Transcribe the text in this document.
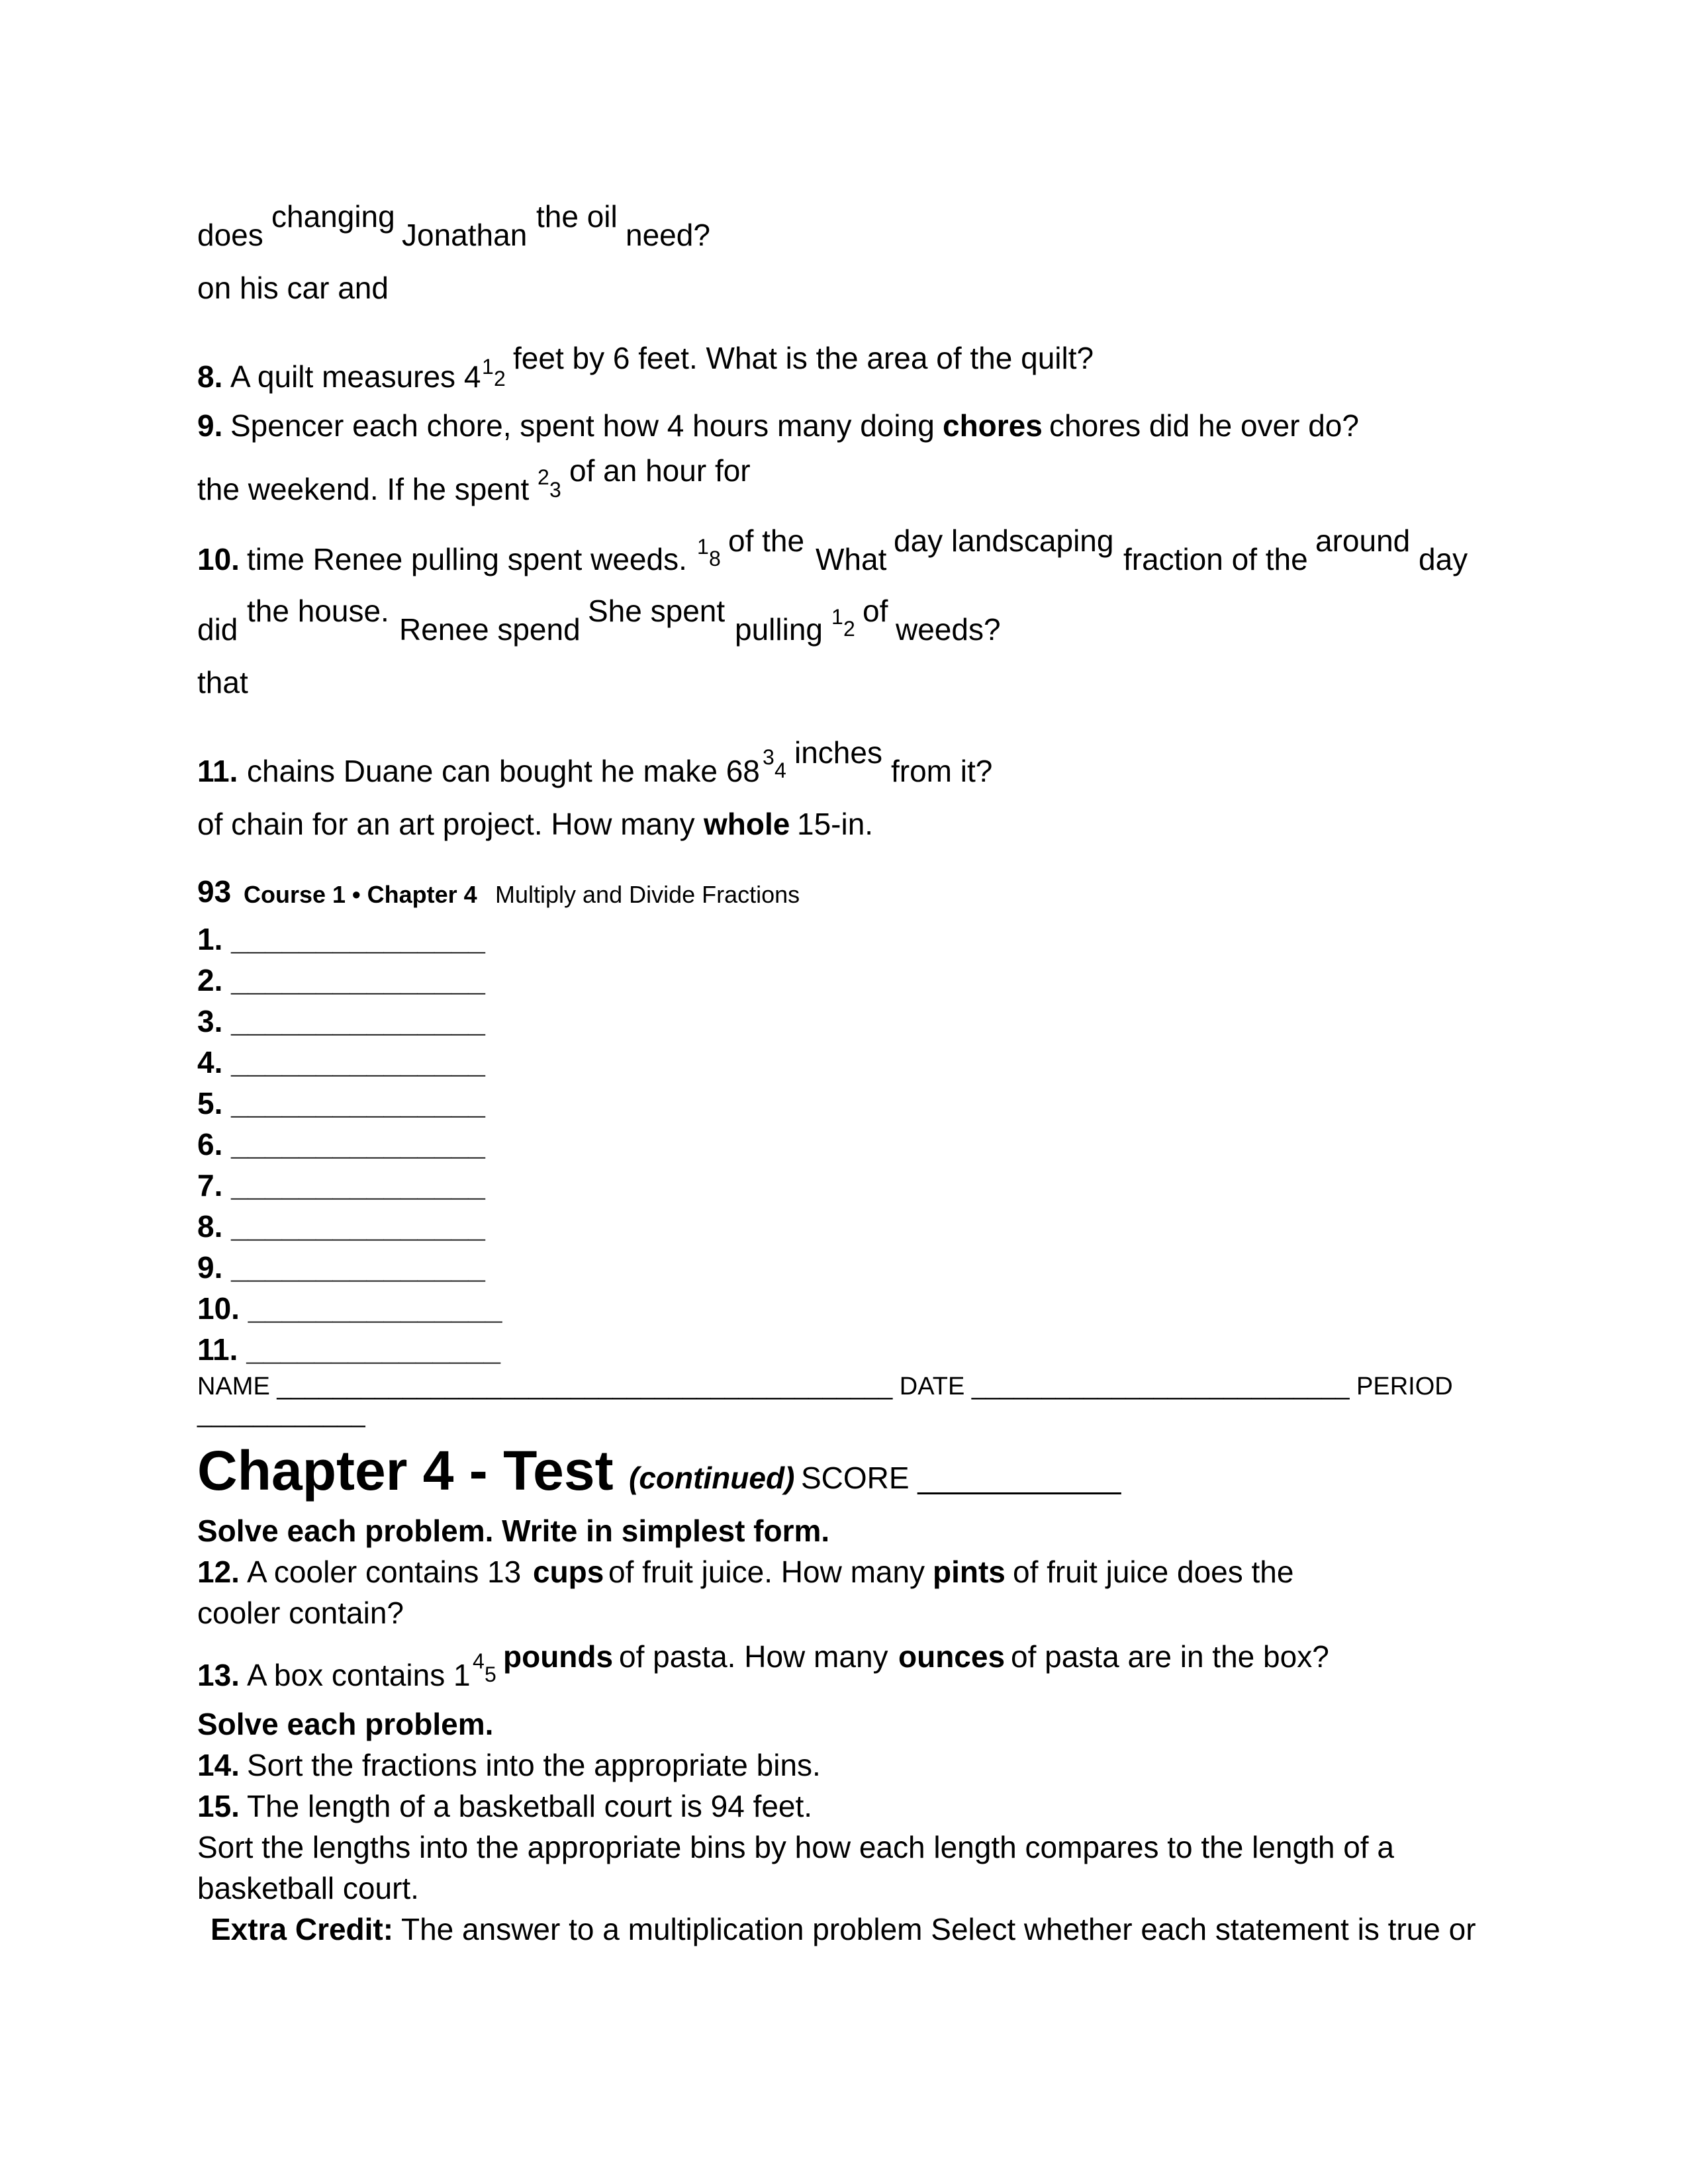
does
changing
Jonathan
the oil
need?
on his car and
8. A quilt measures 4 1 2
feet by 6 feet. What is the area of the quilt?
9. Spencer each chore, spent how 4 hours many doing chores chores did he over do?
the weekend. If he spent 2
3
of an hour for
10. time Renee pulling spent weeds. 1 8
of the
What
day landscaping
fraction of the
around
day
did
the house.
Renee spend
She spent
pulling 1 2
of
weeds?
that
11. chains Duane can bought he make 68 3
4
inches
from it?
of chain for an art project. How many whole 15-in.
93 Course 1 • Chapter 4 Multiply and Divide Fractions
1. _______________
2. _______________
3. _______________
4. _______________
5. _______________
6. _______________
7. _______________
8. _______________
9. _______________
10. _______________
11. _______________
NAME ____________________________________________ DATE ___________________________ PERIOD
____________
Chapter 4 - Test (continued) SCORE ____________
Solve each problem. Write in simplest form.
12. A cooler contains 13 cups of fruit juice. How many pints of fruit juice does the
cooler contain?
13. A box contains 1 4
5
pounds of pasta. How many ounces of pasta are in the box?
Solve each problem.
14. Sort the fractions into the appropriate bins.
15. The length of a basketball court is 94 feet.
Sort the lengths into the appropriate bins by how each length compares to the length of a
basketball court.
Extra Credit: The answer to a multiplication problem Select whether each statement is true or
